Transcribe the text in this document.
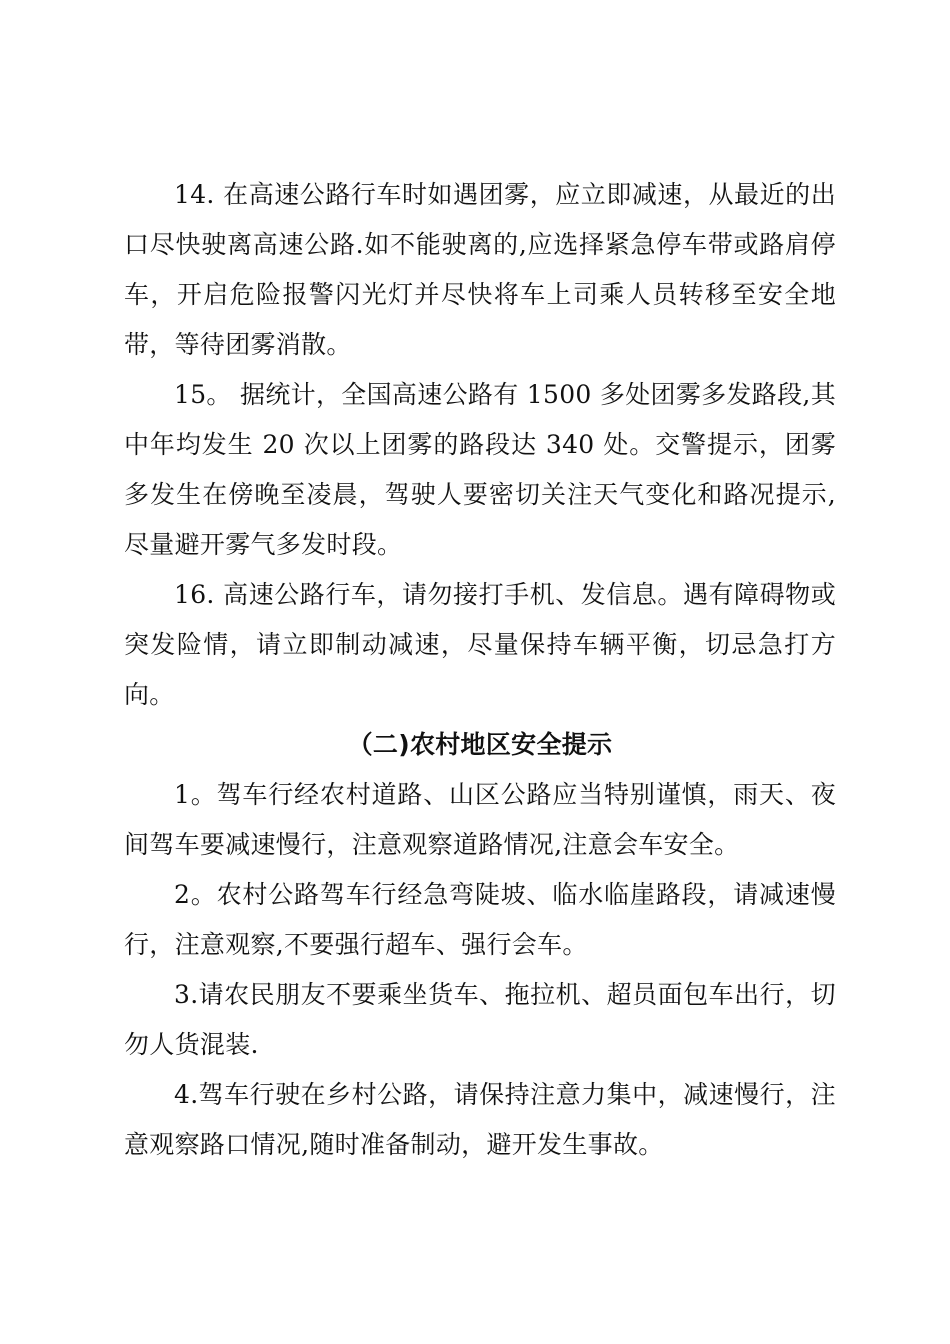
14. 在高速公路行车时如遇团雾，应立即减速，从最近的出口尽快驶离高速公路.如不能驶离的,应选择紧急停车带或路肩停车，开启危险报警闪光灯并尽快将车上司乘人员转移至安全地带，等待团雾消散。

15。 据统计，全国高速公路有 1500 多处团雾多发路段,其中年均发生 20 次以上团雾的路段达 340 处。交警提示，团雾多发生在傍晚至凌晨，驾驶人要密切关注天气变化和路况提示,尽量避开雾气多发时段。

16. 高速公路行车，请勿接打手机、发信息。遇有障碍物或突发险情，请立即制动减速，尽量保持车辆平衡，切忌急打方向。

（二)农村地区安全提示

1。驾车行经农村道路、山区公路应当特别谨慎，雨天、夜间驾车要减速慢行，注意观察道路情况,注意会车安全。

2。农村公路驾车行经急弯陡坡、临水临崖路段，请减速慢行，注意观察,不要强行超车、强行会车。

3.请农民朋友不要乘坐货车、拖拉机、超员面包车出行，切勿人货混装.

4.驾车行驶在乡村公路，请保持注意力集中，减速慢行，注意观察路口情况,随时准备制动，避开发生事故。
